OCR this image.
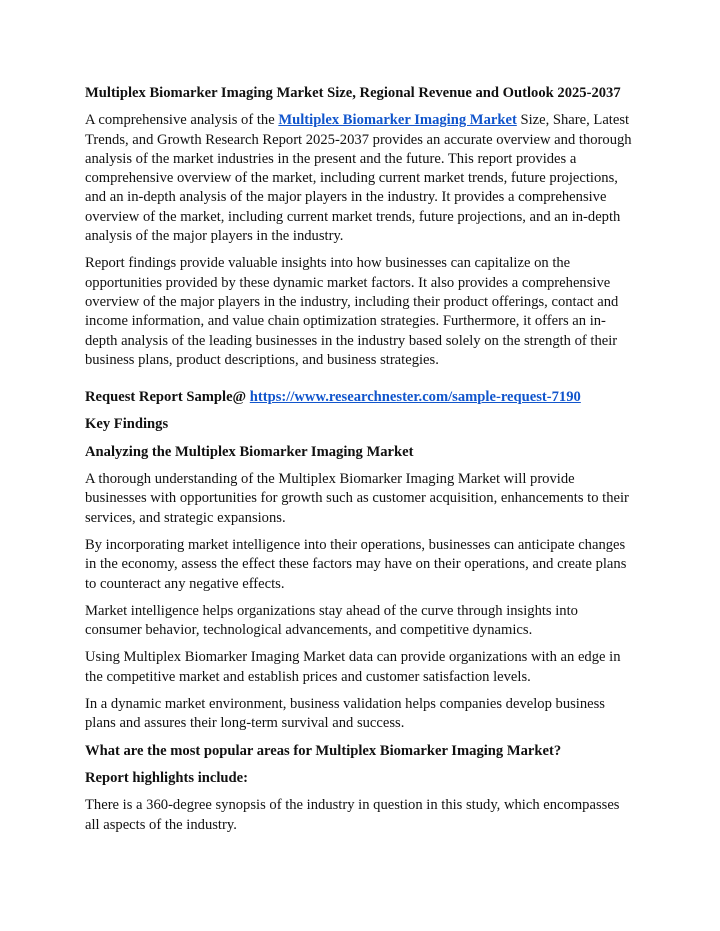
Multiplex Biomarker Imaging Market Size, Regional Revenue and Outlook 2025-2037

A comprehensive analysis of the Multiplex Biomarker Imaging Market Size, Share, Latest Trends, and Growth Research Report 2025-2037 provides an accurate overview and thorough analysis of the market industries in the present and the future. This report provides a comprehensive overview of the market, including current market trends, future projections, and an in-depth analysis of the major players in the industry. It provides a comprehensive overview of the market, including current market trends, future projections, and an in-depth analysis of the major players in the industry.

Report findings provide valuable insights into how businesses can capitalize on the opportunities provided by these dynamic market factors. It also provides a comprehensive overview of the major players in the industry, including their product offerings, contact and income information, and value chain optimization strategies. Furthermore, it offers an in-depth analysis of the leading businesses in the industry based solely on the strength of their business plans, product descriptions, and business strategies.

Request Report Sample@ https://www.researchnester.com/sample-request-7190

Key Findings

Analyzing the Multiplex Biomarker Imaging Market

A thorough understanding of the Multiplex Biomarker Imaging Market will provide businesses with opportunities for growth such as customer acquisition, enhancements to their services, and strategic expansions.

By incorporating market intelligence into their operations, businesses can anticipate changes in the economy, assess the effect these factors may have on their operations, and create plans to counteract any negative effects.

Market intelligence helps organizations stay ahead of the curve through insights into consumer behavior, technological advancements, and competitive dynamics.

Using Multiplex Biomarker Imaging Market data can provide organizations with an edge in the competitive market and establish prices and customer satisfaction levels.

In a dynamic market environment, business validation helps companies develop business plans and assures their long-term survival and success.

What are the most popular areas for Multiplex Biomarker Imaging Market?

Report highlights include:

There is a 360-degree synopsis of the industry in question in this study, which encompasses all aspects of the industry.
